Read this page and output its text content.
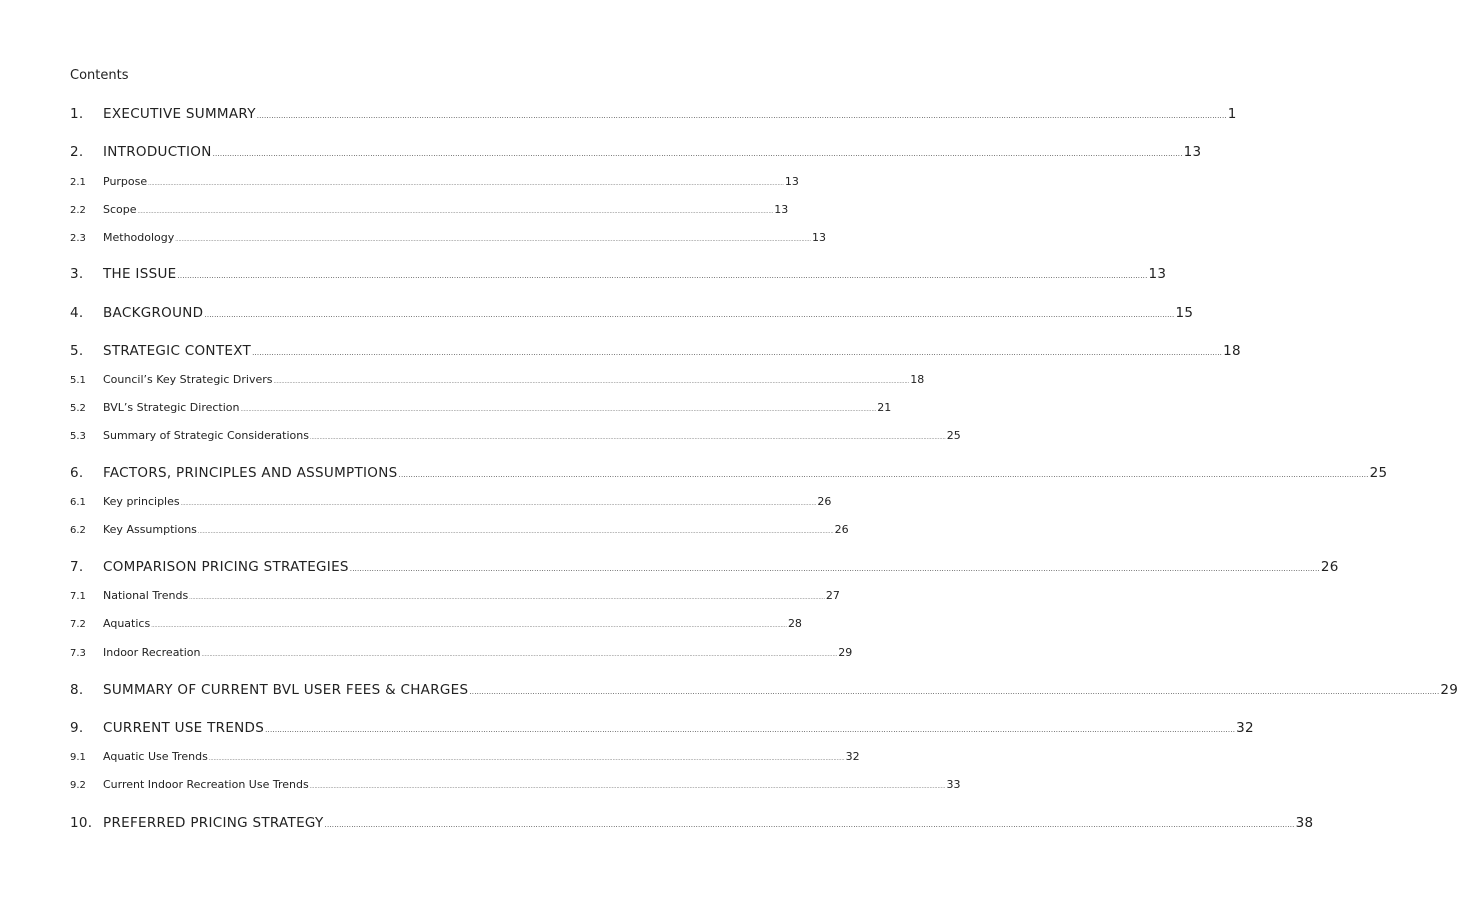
Contents
1.	EXECUTIVE SUMMARY ................................................................................................................................................................................................................................................................................................................................................................................................................ 1
2.	INTRODUCTION ................................................................................................................................................................................................................................................................................................................................................................................................................ 13
2.1	Purpose ................................................................................................................................................................................................................................................................................................................................................................................................................ 13
2.2	Scope ................................................................................................................................................................................................................................................................................................................................................................................................................ 13
2.3	Methodology ................................................................................................................................................................................................................................................................................................................................................................................................................ 13
3.	THE ISSUE ................................................................................................................................................................................................................................................................................................................................................................................................................ 13
4.	BACKGROUND ................................................................................................................................................................................................................................................................................................................................................................................................................ 15
5.	STRATEGIC CONTEXT ................................................................................................................................................................................................................................................................................................................................................................................................................ 18
5.1	Council’s Key Strategic Drivers ................................................................................................................................................................................................................................................................................................................................................................................................................ 18
5.2	BVL’s Strategic Direction ................................................................................................................................................................................................................................................................................................................................................................................................................ 21
5.3	Summary of Strategic Considerations ................................................................................................................................................................................................................................................................................................................................................................................................................ 25
6.	FACTORS, PRINCIPLES AND ASSUMPTIONS ................................................................................................................................................................................................................................................................................................................................................................................................................ 25
6.1	Key principles ................................................................................................................................................................................................................................................................................................................................................................................................................ 26
6.2	Key Assumptions ................................................................................................................................................................................................................................................................................................................................................................................................................ 26
7.	COMPARISON PRICING STRATEGIES ................................................................................................................................................................................................................................................................................................................................................................................................................ 26
7.1	National Trends ................................................................................................................................................................................................................................................................................................................................................................................................................ 27
7.2	Aquatics ................................................................................................................................................................................................................................................................................................................................................................................................................ 28
7.3	Indoor Recreation ................................................................................................................................................................................................................................................................................................................................................................................................................ 29
8.	SUMMARY OF CURRENT BVL USER FEES & CHARGES ................................................................................................................................................................................................................................................................................................................................................................................................................ 29
9.	CURRENT USE TRENDS ................................................................................................................................................................................................................................................................................................................................................................................................................ 32
9.1	Aquatic Use Trends ................................................................................................................................................................................................................................................................................................................................................................................................................ 32
9.2	Current Indoor Recreation Use Trends ................................................................................................................................................................................................................................................................................................................................................................................................................ 33
10. PREFERRED PRICING STRATEGY ................................................................................................................................................................................................................................................................................................................................................................................................................ 38
